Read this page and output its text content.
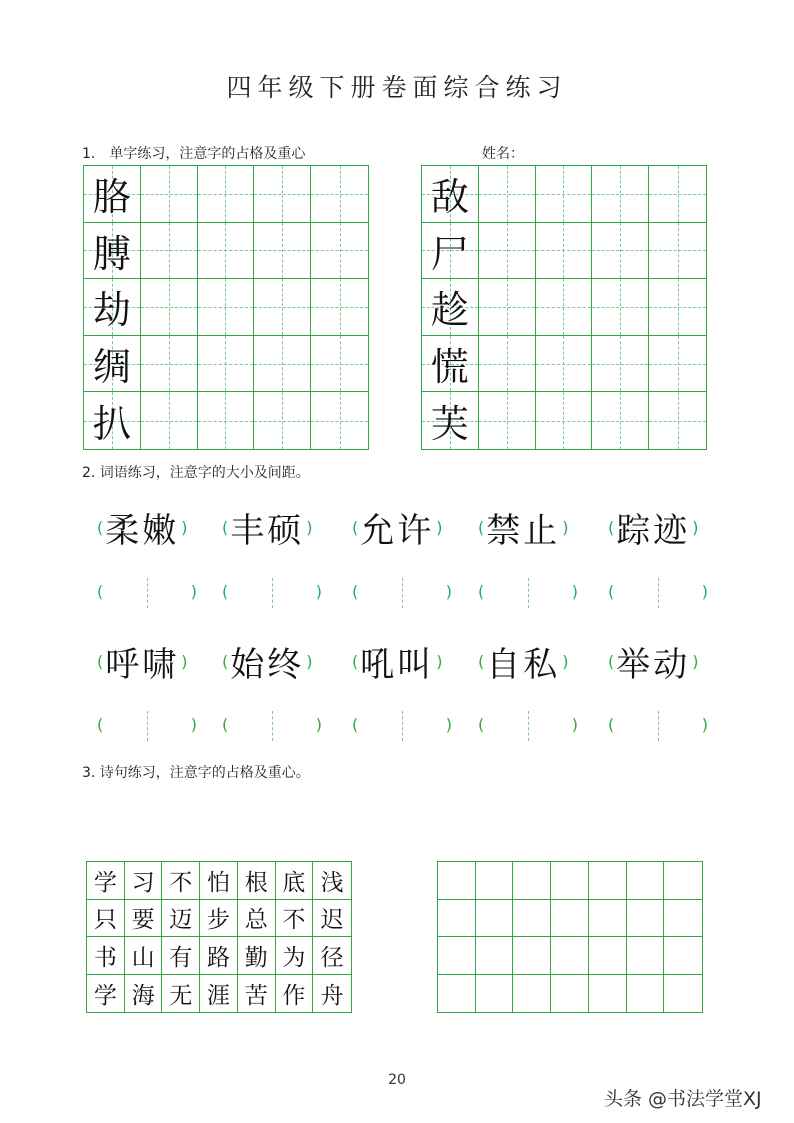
四年级下册卷面综合练习
1.　单字练习，注意字的占格及重心	姓名：
胳
膊
劫
绸
扒
敌
尸
趁
慌
芙
2. 词语练习，注意字的大小及间距。
( 柔嫩 )
(	)
( 丰硕 )
(	)
( 允许 )
(	)
( 禁止 )
(	)
( 踪迹 )
(	)
( 呼啸 )
(	)
( 始终 )
(	)
( 吼叫 )
(	)
( 自私 )
(	)
( 举动 )
(	)
3. 诗句练习，注意字的占格及重心。
学 习 不 怕 根 底 浅
只 要 迈 步 总 不 迟
书 山 有 路 勤 为 径
学 海 无 涯 苦 作 舟
20
头条 @书法学堂XJ
